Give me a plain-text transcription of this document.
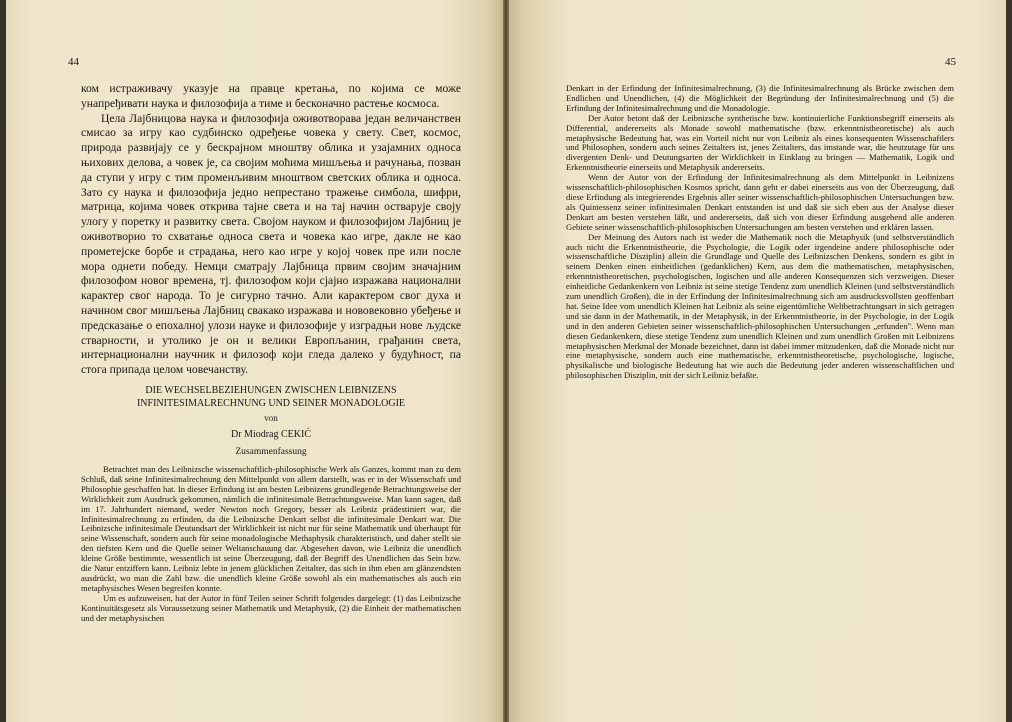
44

ком истраживачу указује на правце кретања, по којима се може унапређивати наука и филозофија а тиме и бесконачно растење космоса.

Цела Лајбницова наука и филозофија оживотворава један величанствен смисао за игру као судбинско одређење човека у свету. Свет, космос, природа развијају се у бескрајном мноштву облика и узајамних односа њихових делова, а човек је, са својим моћима мишљења и рачунања, позван да ступи у игру с тим променљивим мноштвом светских облика и односа. Зато су наука и филозофија једно непрестано тражење симбола, шифри, матрица, којима човек открива тајне света и на тај начин остварује своју улогу у поретку и развитку света. Својом науком и филозофијом Лајбниц је оживотворио то схватање односа света и човека као игре, дакле не као прометејске борбе и страдања, него као игре у којој човек пре или после мора однети победу. Немци сматрају Лајбница првим својим значајним филозофом новог времена, тј. филозофом који сјајно изражава национални карактер свог народа. То је сигурно тачно. Али карактером свог духа и начином свог мишљења Лајбниц свакако изражава и нововековно убеђење и предсказање о епохалној улози науке и филозофије у изградњи нове људске стварности, и утолико је он и велики Европљанин, грађанин света, интернационални научник и филозоф који гледа далеко у будућност, па стога припада целом човечанству.

DIE WECHSELBEZIEHUNGEN ZWISCHEN LEIBNIZENS INFINITESIMALRECHNUNG UND SEINER MONADOLOGIE
von
Dr Miodrag CEKIĆ
Zusammenfassung

Betrachtet man des Leibnizsche wissenschaftlich-philosophische Werk als Ganzes, kommt man zu dem Schluß, daß seine Infinitesimalrechnung den Mittelpunkt von allem darstellt, was er in der Wissenschaft und Philosophie geschaffen hat. In dieser Erfindung ist am besten Leibnizens grundlegende Betrachtungsweise der Wirklichkeit zum Ausdruck gekommen, nämlich die infinitesimale Betrachtungsweise. Man kann sagen, daß im 17. Jahrhundert niemand, weder Newton noch Gregory, besser als Leibniz prädestiniert war, die Infinitesimalrechnung zu erfinden, da die Leibnizsche Denkart selbst die infinitesimale Denkart war. Die Leibnizsche infinitesimale Deutundsart der Wirklichkeit ist nicht nur für seine Mathematik und überhaupt für seine Wissenschaft, sondern auch für seine monadologische Methaphysik charakteristisch, und daher stellt sie den tiefsten Kern und die Quelle seiner Weltanschauung dar. Abgesehen davon, wie Leibniz die unendlich kleine Größe bestimmte, wessentlich ist seine Überzeugung, daß der Begriff des Unendlichen das Sein bzw. die Natur entziffern kann. Leibniz lebte in jenem glücklichen Zeitalter, das sich in ihm eben am glänzendsten ausdrückt, wo man die Zahl bzw. die unendlich kleine Größe sowohl als ein mathematisches als auch ein metaphysisches Wesen begreifen konnte.

Um es aufzuweisen, hat der Autor in fünf Teilen seiner Schrift folgendes dargelegt: (1) das Leibnizsche Kontinuitätsgesetz als Voraussetzung seiner Mathematik und Metaphysik, (2) die Einheit der mathematischen und der metaphysischen

45

Denkart in der Erfindung der Infinitesimalrechnung, (3) die Infinitesimalrechnung als Brücke zwischen dem Endlichen und Unendlichen, (4) die Möglichkeit der Begründung der Infinitesimalrechnung und (5) die Erfindung der Infinitesimalrechnung und die Monadologie.

Der Autor betont daß der Leibnizsche synthetische bzw. kontinuierliche Funktionsbegriff einerseits als Differential, andererseits als Monade sowohl mathematische (bzw. erkenntnistheoretische) als auch metaphysische Bedeutung hat, was ein Vorteil nicht nur von Leibniz als eines konsequenten Wissenschaftlers und Philosophen, sondern auch seines Zeitalters ist, jenes Zeitalters, das imstande war, die heutzutage für uns divergenten Denk- und Deutungsarten der Wirklichkeit in Einklang zu bringen — Mathematik, Logik und Erkenntnistheorie einerseits und Metaphysik andererseits.

Wenn der Autor von der Erfindung der Infinitesimalrechnung als dem Mittelpunkt in Leibnizens wissenschaftlich-philosophischen Kosmos spricht, dann geht er dabei einerseits aus von der Überzeugung, daß diese Erfindung als integrierendes Ergebnis aller seiner wissenschaftlich-philosophischen Untersuchungen bzw. als Quintessenz seiner infinitesimalen Denkart entstanden ist und daß sie sich eben aus der Analyse dieser Denkart am besten verstehen läßt, und andererseits, daß sich von dieser Erfindung ausgehend alle anderen Gebiete seiner wissenschaftlich-philosophischen Untersuchungen am besten verstehen und erklären lassen.

Der Meinung des Autors nach ist weder die Mathematik noch die Metaphysik (und selbstverständlich auch nicht die Erkenntnistheorie, die Psychologie, die Logik oder irgendeine andere philosophische oder wissenschaftliche Disziplin) allein die Grundlage und Quelle des Leibnizschen Denkens, sondern es gibt in seinem Denken einen einheitlichen (gedanklichen) Kern, aus dem die mathematischen, metaphysischen, erkenntnistheoretischen, psychologischen, logischen und alle anderen Konsequenzen sich verzweigen. Dieser einheitliche Gedankenkern von Leibniz ist seine stetige Tendenz zum unendlich Kleinen (und selbstverständlich zum unendlich Großen), die in der Erfindung der Infinitesimalrechnung sich am ausdrucksvollsten geoffenbart hat. Seine Idee vom unendlich Kleinen hat Leibniz als seine eigentümliche Weltbetrachtungsart in sich getragen und sie dann in der Mathematik, in der Metaphysik, in der Erkenntnistheorie, in der Psychologie, in der Logik und in den anderen Gebieten seiner wissenschaftlich-philosophischen Untersuchungen „erfunden". Wenn man diesen Gedankenkern, diese stetige Tendenz zum unendlich Kleinen und zum unendlich Großen mit Leibnizens metaphysischen Merkmal der Monade bezeichnet, dann ist dabei immer mitzudenken, daß die Monade nicht nur eine metaphysische, sondern auch eine mathematische, erkenntnistheoretische, psychologische, logische, physikalische und biologische Bedeutung hat wie auch die Bedeutung jeder anderen wissenschaftlichen und philosophischen Disziplin, mit der sich Leibniz befaßte.
